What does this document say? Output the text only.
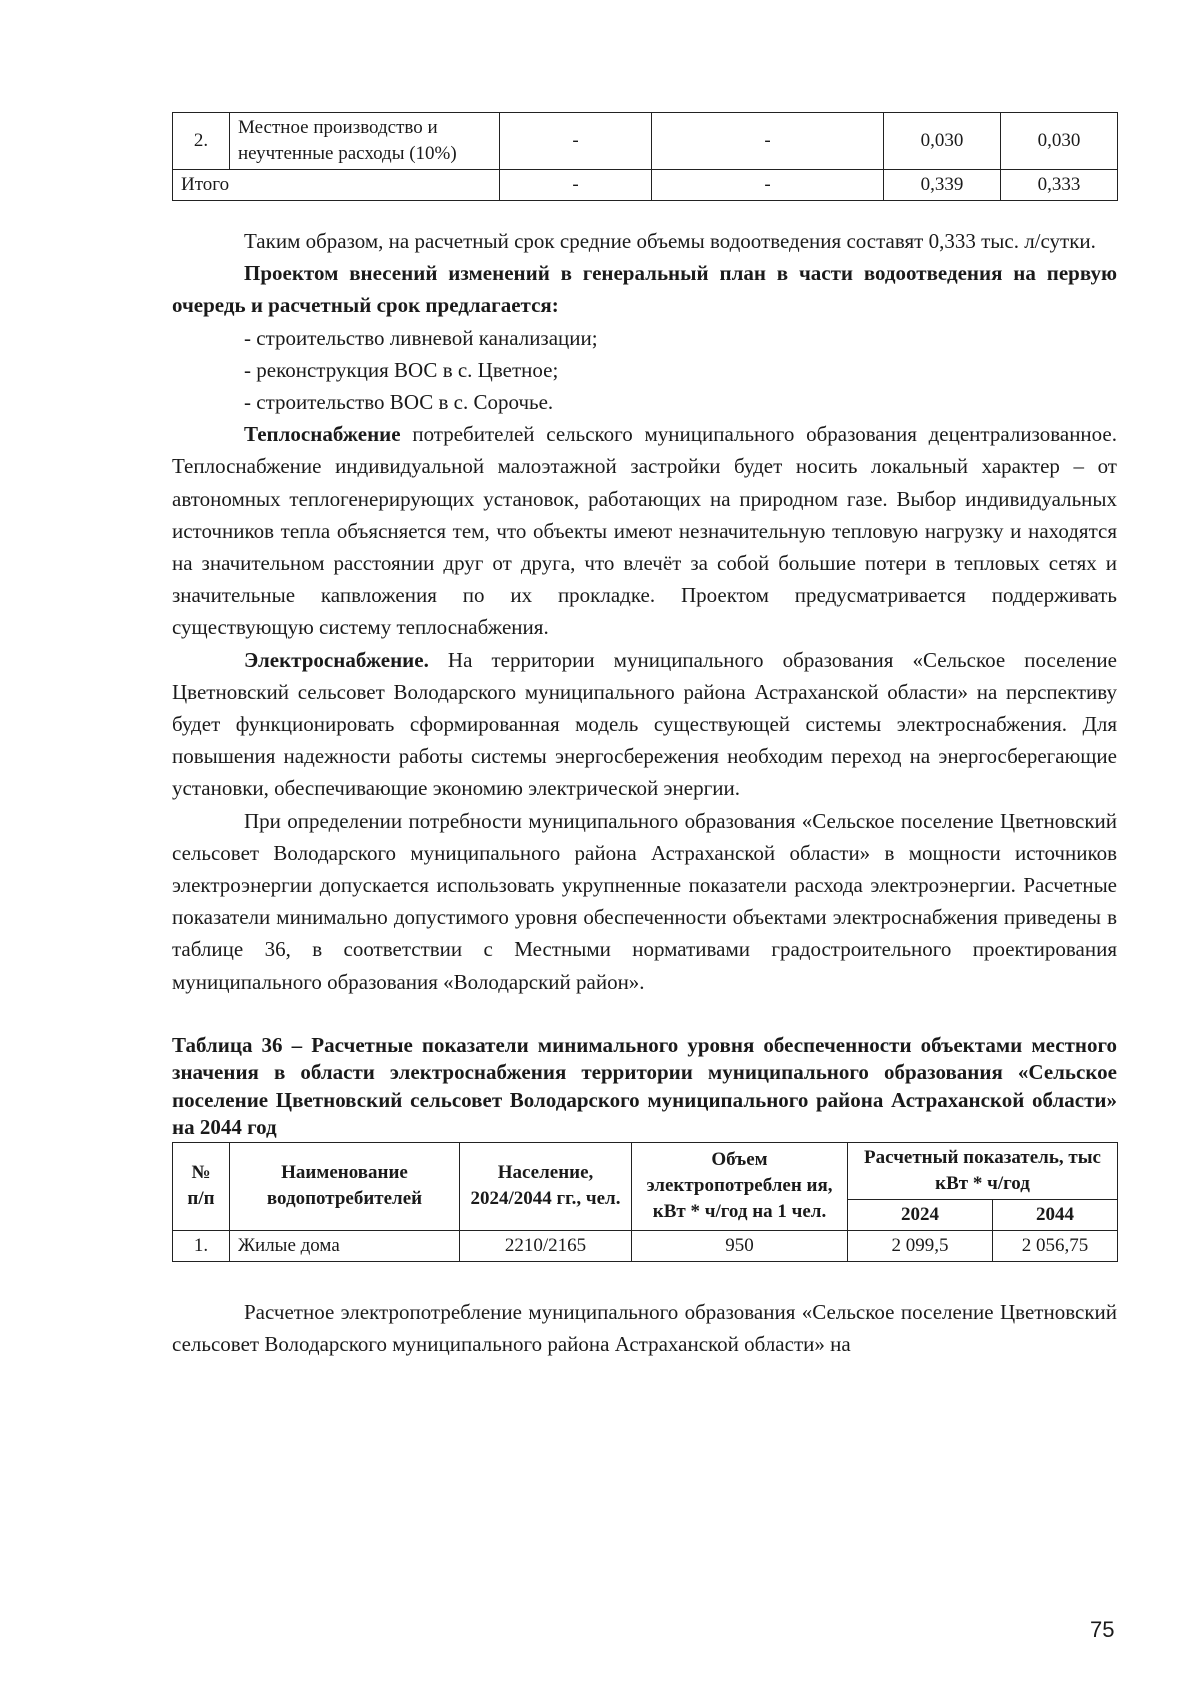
2.	Местное производство и неучтенные расходы (10%)	-	-	0,030	0,030
Итого		-	-	0,339	0,333

Таким образом, на расчетный срок средние объемы водоотведения составят 0,333 тыс. л/сутки.

Проектом внесений изменений в генеральный план в части водоотведения на первую очередь и расчетный срок предлагается:

- строительство ливневой канализации;

- реконструкция ВОС в с. Цветное;

- строительство ВОС в с. Сорочье.

Теплоснабжение потребителей сельского муниципального образования децентрализованное. Теплоснабжение индивидуальной малоэтажной застройки будет носить локальный характер – от автономных теплогенерирующих установок, работающих на природном газе. Выбор индивидуальных источников тепла объясняется тем, что объекты имеют незначительную тепловую нагрузку и находятся на значительном расстоянии друг от друга, что влечёт за собой большие потери в тепловых сетях и значительные капвложения по их прокладке. Проектом предусматривается поддерживать существующую систему теплоснабжения.

Электроснабжение. На территории муниципального образования «Сельское поселение Цветновский сельсовет Володарского муниципального района Астраханской области» на перспективу будет функционировать сформированная модель существующей системы электроснабжения. Для повышения надежности работы системы энергосбережения необходим переход на энергосберегающие установки, обеспечивающие экономию электрической энергии.

При определении потребности муниципального образования «Сельское поселение Цветновский сельсовет Володарского муниципального района Астраханской области» в мощности источников электроэнергии допускается использовать укрупненные показатели расхода электроэнергии. Расчетные показатели минимально допустимого уровня обеспеченности объектами электроснабжения приведены в таблице 36, в соответствии с Местными нормативами градостроительного проектирования муниципального образования «Володарский район».

Таблица 36 – Расчетные показатели минимального уровня обеспеченности объектами местного значения в области электроснабжения территории муниципального образования «Сельское поселение Цветновский сельсовет Володарского муниципального района Астраханской области» на 2044 год

№ п/п	Наименование водопотребителей	Население, 2024/2044 гг., чел.	Объем электропотреблен ия, кВт * ч/год на 1 чел.	Расчетный показатель, тыс кВт * ч/год	
				2024	2044
1.	Жилые дома	2210/2165	950	2 099,5	2 056,75

Расчетное электропотребление муниципального образования «Сельское поселение Цветновский сельсовет Володарского муниципального района Астраханской области» на

75
